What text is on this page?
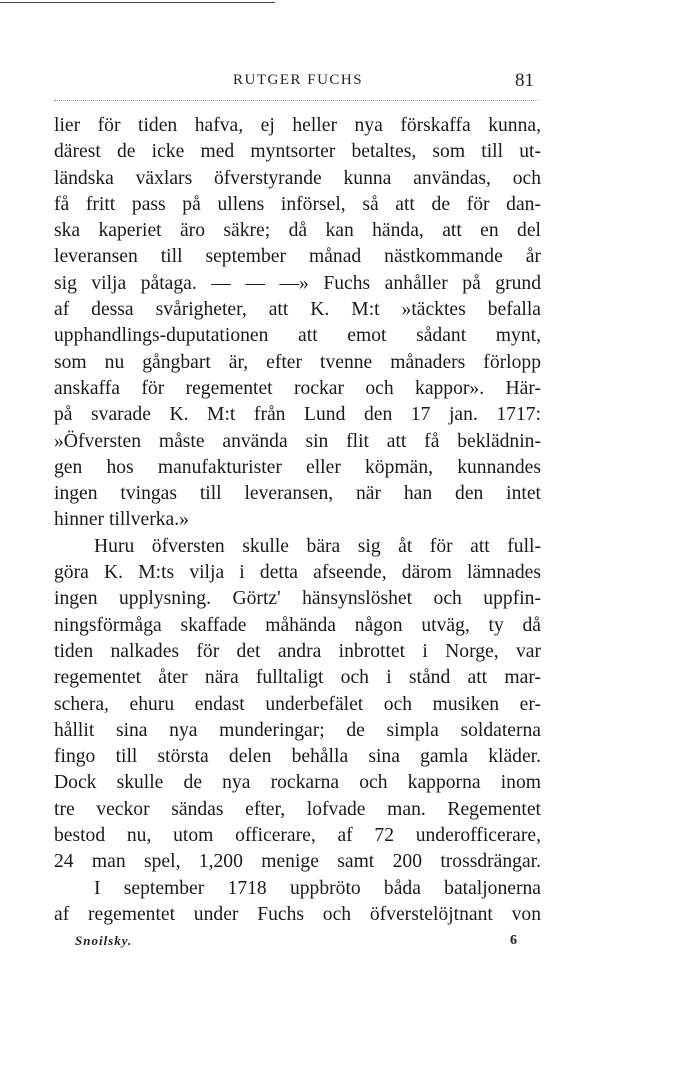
RUTGER FUCHS	81
lier för tiden hafva, ej heller nya förskaffa kunna,
därest de icke med myntsorter betaltes, som till ut-
ländska växlars öfverstyrande kunna användas, och
få fritt pass på ullens införsel, så att de för dan-
ska kaperiet äro säkre; då kan hända, att en del
leveransen till september månad nästkommande år
sig vilja påtaga. — — —» Fuchs anhåller på grund
af dessa svårigheter, att K. M:t »täcktes befalla
upphandlings-duputationen att emot sådant mynt,
som nu gångbart är, efter tvenne månaders förlopp
anskaffa för regementet rockar och kappor». Här-
på svarade K. M:t från Lund den 17 jan. 1717:
»Öfversten måste använda sin flit att få beklädnin-
gen hos manufakturister eller köpmän, kunnandes
ingen tvingas till leveransen, när han den intet
hinner tillverka.»
Huru öfversten skulle bära sig åt för att full-
göra K. M:ts vilja i detta afseende, därom lämnades
ingen upplysning. Görtz' hänsynslöshet och uppfin-
ningsförmåga skaffade måhända någon utväg, ty då
tiden nalkades för det andra inbrottet i Norge, var
regementet åter nära fulltaligt och i stånd att mar-
schera, ehuru endast underbefälet och musiken er-
hållit sina nya munderingar; de simpla soldaterna
fingo till största delen behålla sina gamla kläder.
Dock skulle de nya rockarna och kapporna inom
tre veckor sändas efter, lofvade man. Regementet
bestod nu, utom officerare, af 72 underofficerare,
24 man spel, 1,200 menige samt 200 trossdrängar.
I september 1718 uppbröto båda bataljonerna
af regementet under Fuchs och öfverstelöjtnant von
Snoilsky.	6
